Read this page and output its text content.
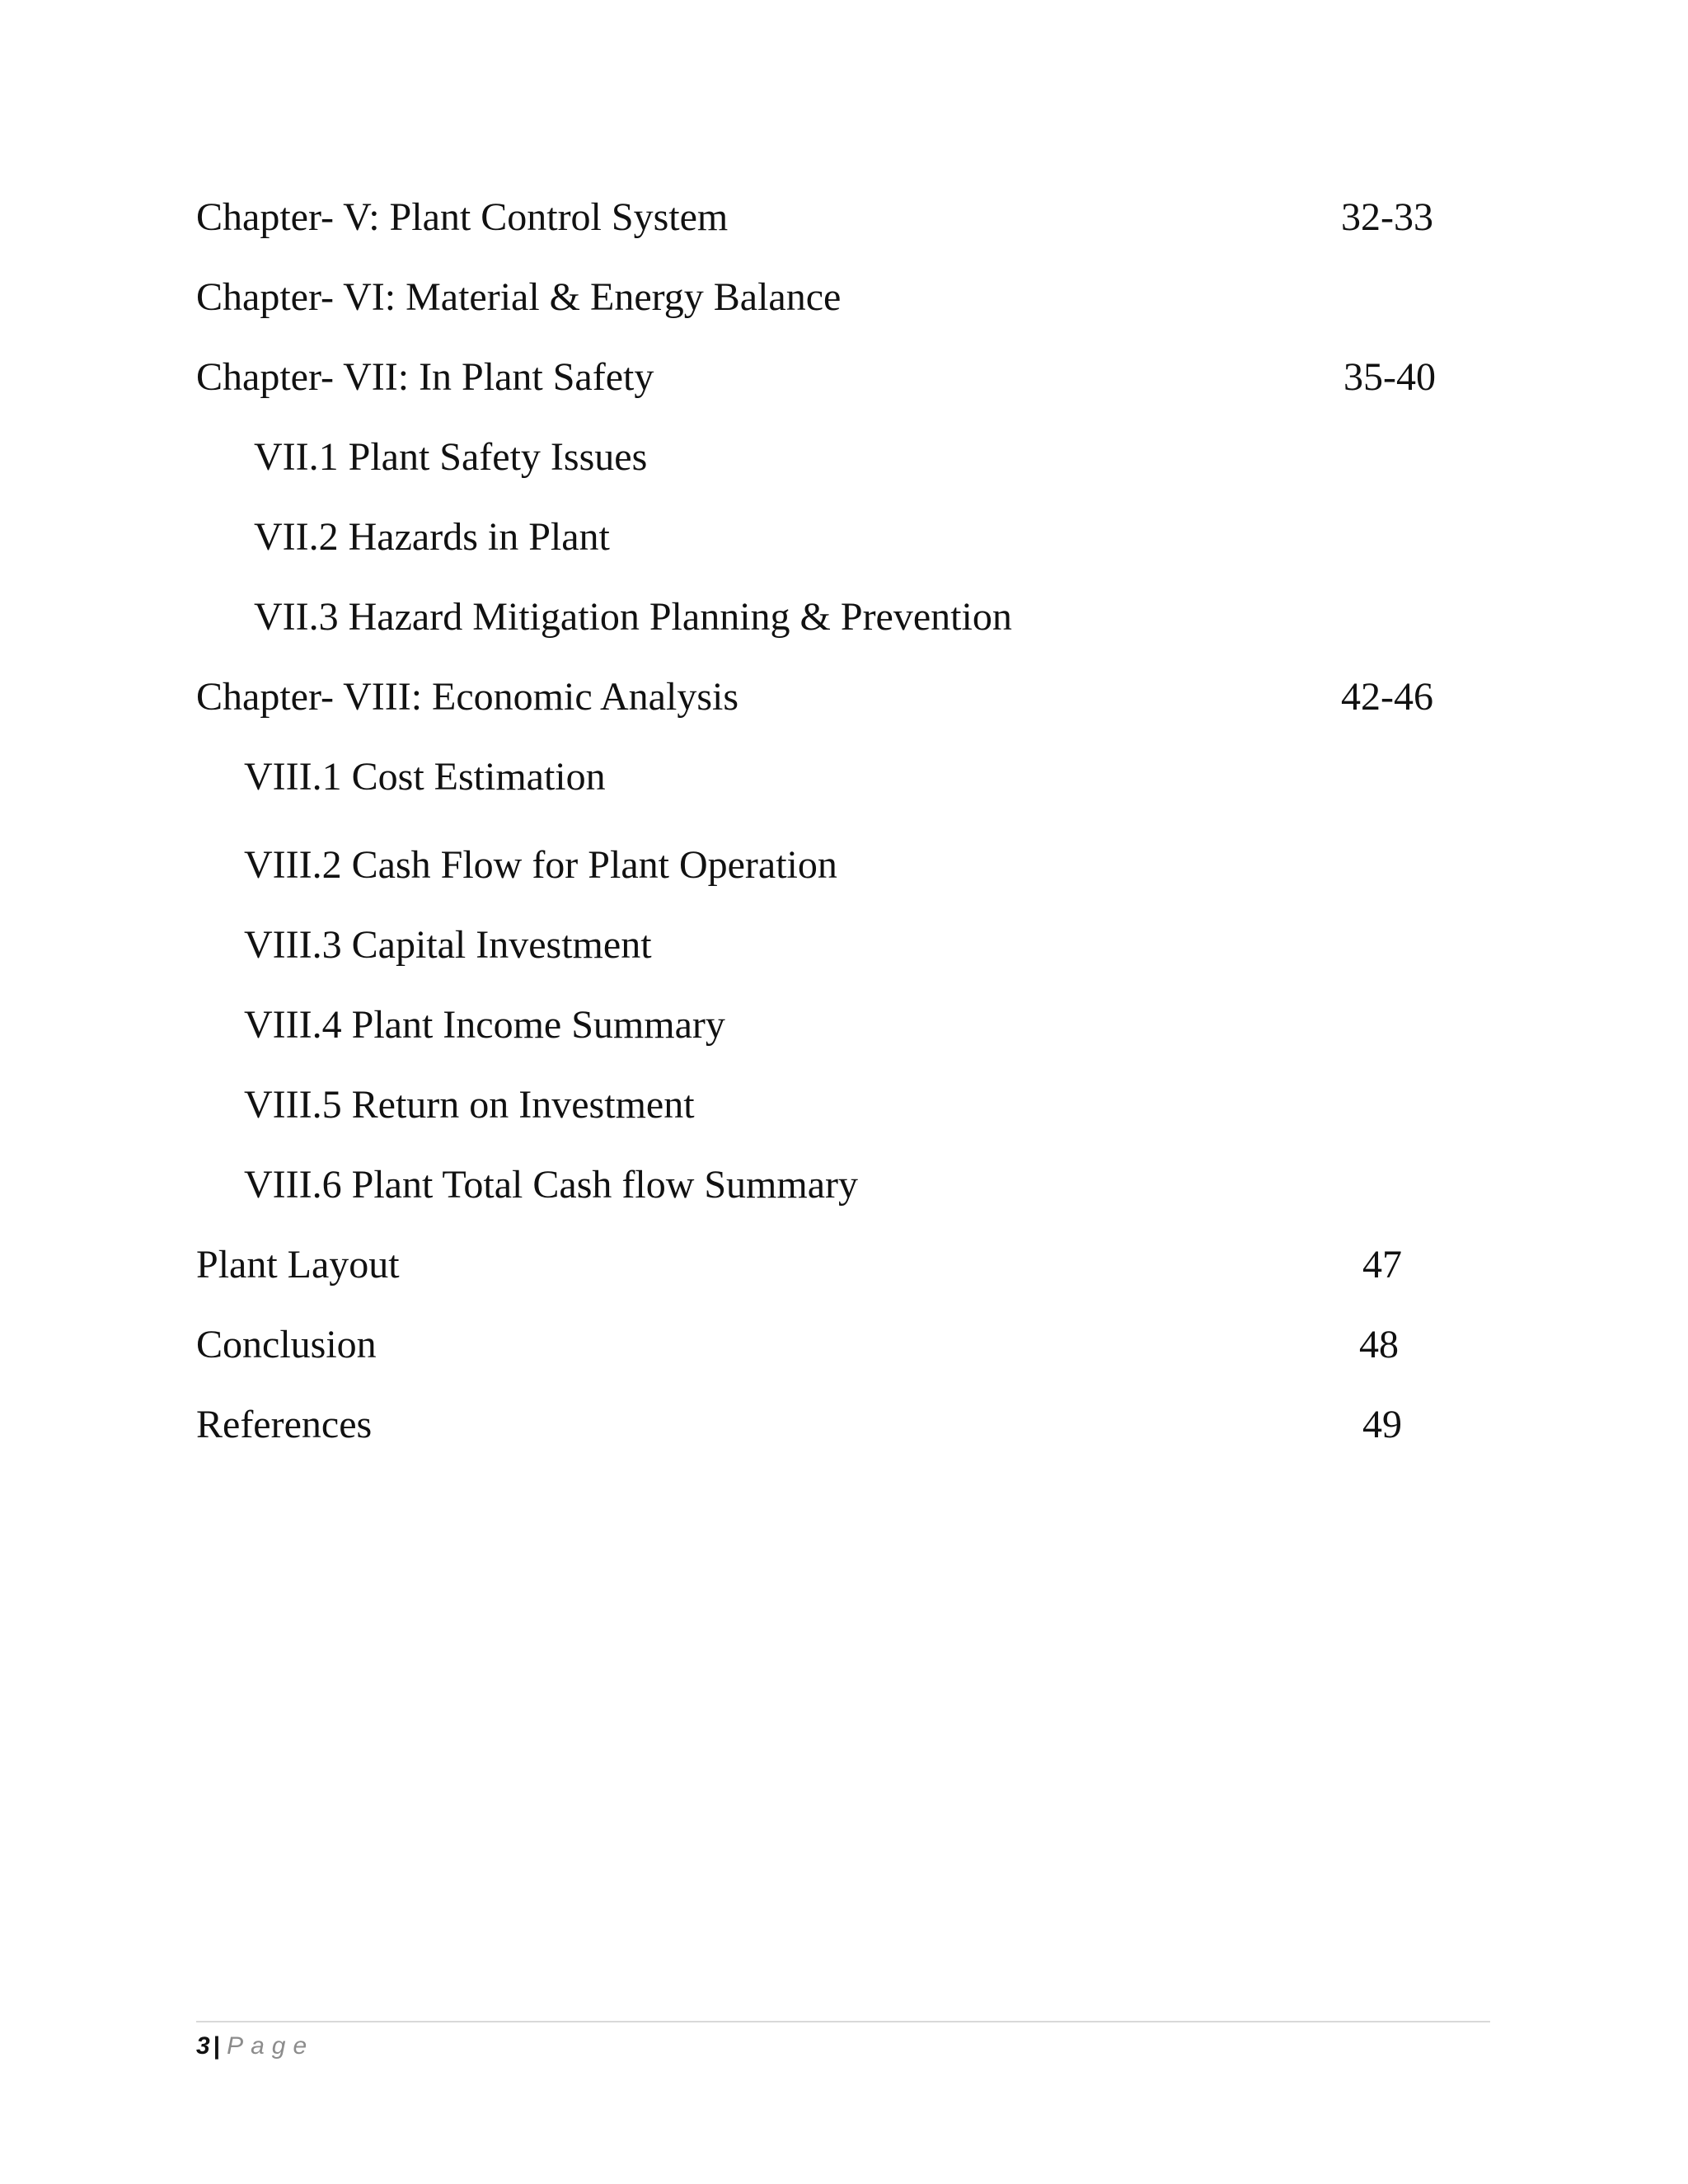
Chapter- V: Plant Control System	32-33
Chapter- VI: Material & Energy Balance
Chapter- VII: In Plant Safety	35-40
VII.1 Plant Safety Issues
VII.2 Hazards in Plant
VII.3 Hazard Mitigation Planning & Prevention
Chapter- VIII: Economic Analysis	42-46
VIII.1 Cost Estimation
VIII.2 Cash Flow for Plant Operation
VIII.3 Capital Investment
VIII.4 Plant Income Summary
VIII.5 Return on Investment
VIII.6 Plant Total Cash flow Summary
Plant Layout	47
Conclusion	48
References	49
3 | Page
